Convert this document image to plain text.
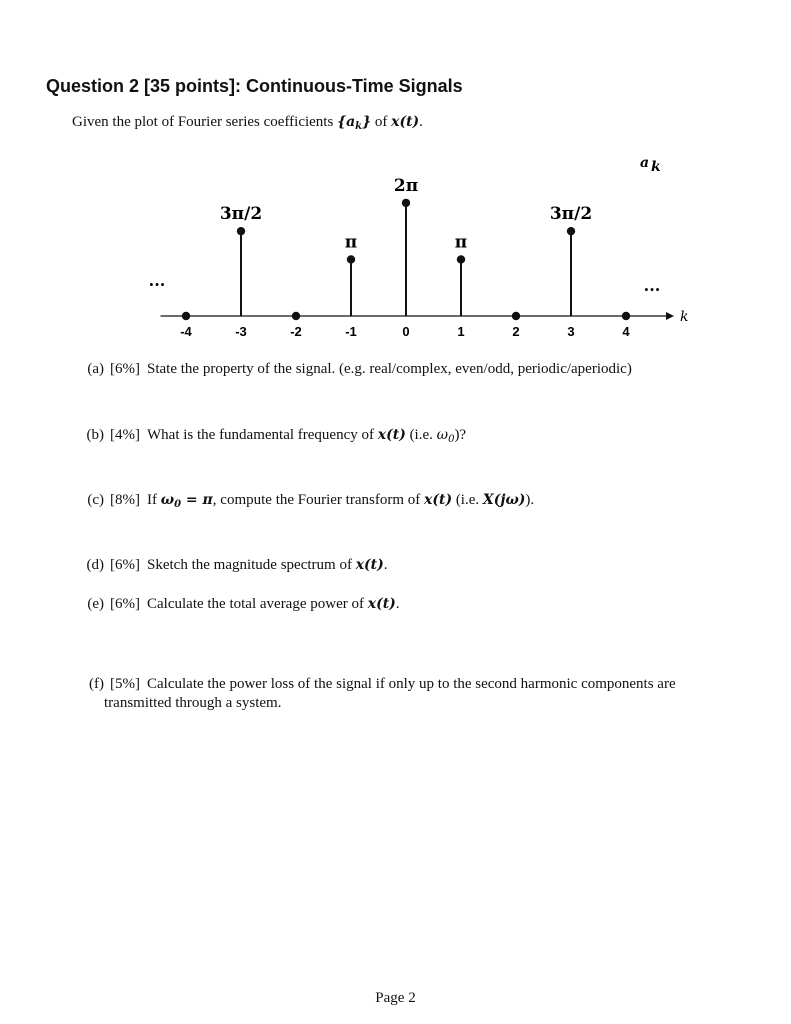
Question 2 [35 points]: Continuous-Time Signals
Given the plot of Fourier series coefficients $\{a_k\}$ of x(t).
k
a k
-4	-3
3π/2
-2	-1
π
0
2π
1
π
2	3
3π/2
4
···	···
(a) [6%] State the property of the signal. (e.g. real/complex, even/odd, periodic/aperiodic)
(b) [4%] What is the fundamental frequency of x(t) (i.e. $\omega_0$)?
(c) [8%] If $\omega_0 = \pi$, compute the Fourier transform of x(t) (i.e. X(jω)).
(d) [6%] Sketch the magnitude spectrum of x(t).
(e) [6%] Calculate the total average power of x(t).
(f) [5%] Calculate the power loss of the signal if only up to the second harmonic components are
transmitted through a system.
Page 2
